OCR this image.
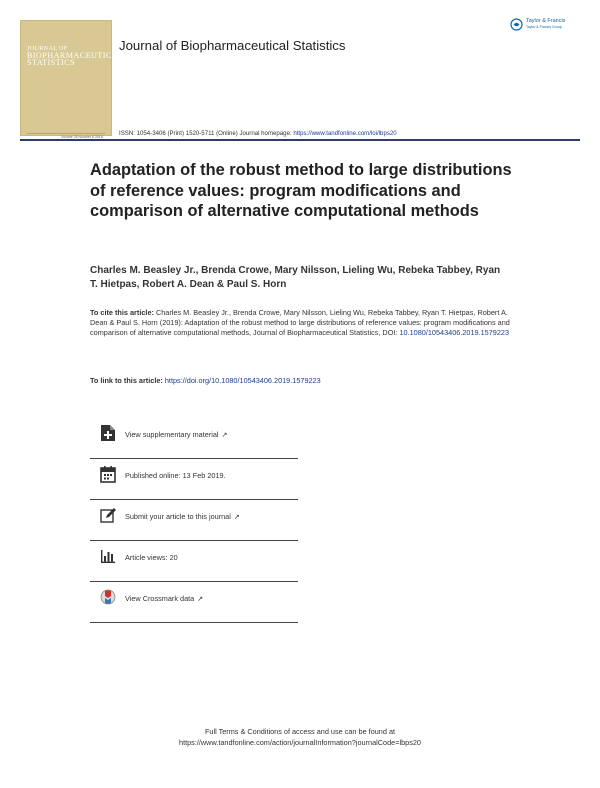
JOURNAL OF
BIOPHARMACEUTICAL
STATISTICS
Volume 28 Number 8 2018
Journal of Biopharmaceutical Statistics
Taylor & Francis
Taylor & Francis Group
ISSN: 1054-3406 (Print) 1520-5711 (Online) Journal homepage: https://www.tandfonline.com/loi/lbps20
Adaptation of the robust method to large distributions of reference values: program modifications and comparison of alternative computational methods
Charles M. Beasley Jr., Brenda Crowe, Mary Nilsson, Lieling Wu, Rebeka Tabbey, Ryan T. Hietpas, Robert A. Dean & Paul S. Horn
To cite this article: Charles M. Beasley Jr., Brenda Crowe, Mary Nilsson, Lieling Wu, Rebeka Tabbey, Ryan T. Hietpas, Robert A. Dean & Paul S. Horn (2019): Adaptation of the robust method to large distributions of reference values: program modifications and comparison of alternative computational methods, Journal of Biopharmaceutical Statistics, DOI: 10.1080/10543406.2019.1579223
To link to this article: https://doi.org/10.1080/10543406.2019.1579223
View supplementary material ↗
Published online: 13 Feb 2019.
Submit your article to this journal ↗
Article views: 20
View Crossmark data ↗
Full Terms & Conditions of access and use can be found at
https://www.tandfonline.com/action/journalInformation?journalCode=lbps20
